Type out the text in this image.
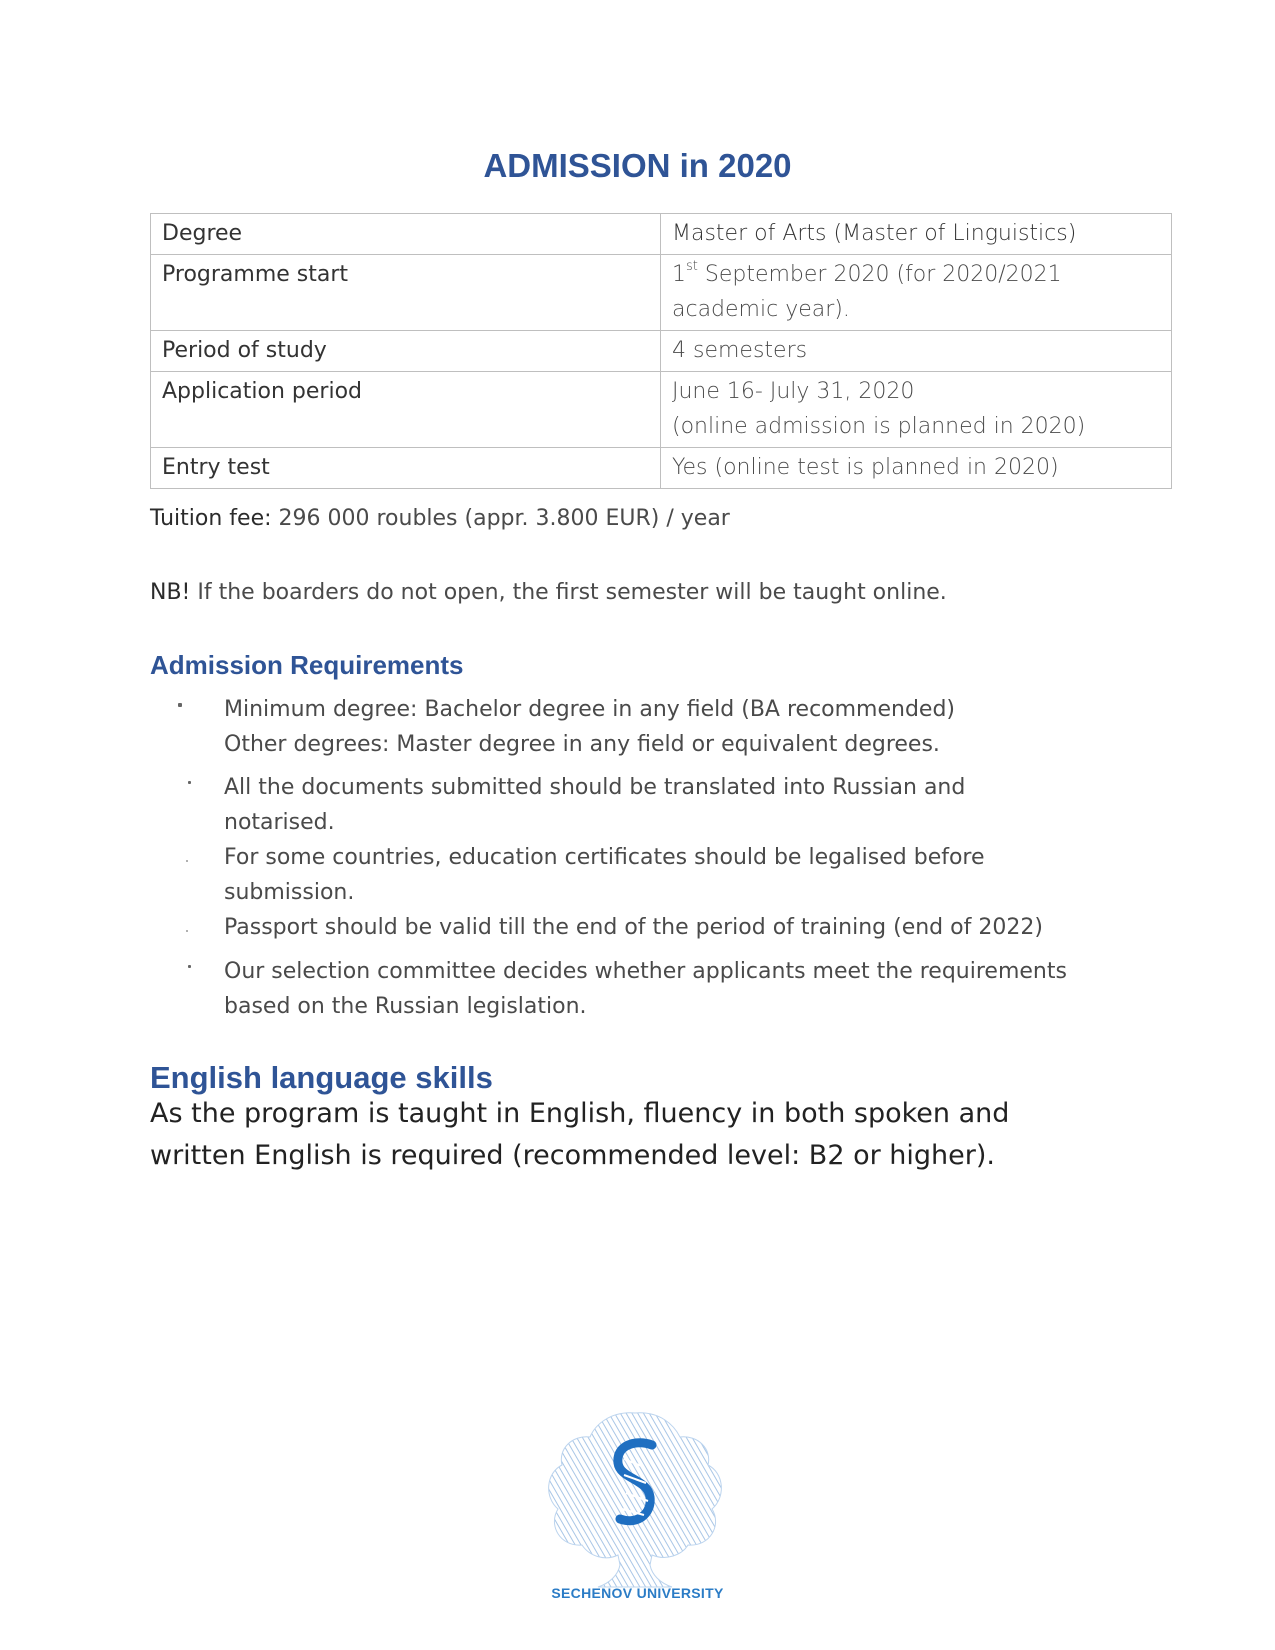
ADMISSION in 2020
Degree	Master of Arts (Master of Linguistics)
Programme start	1st September 2020 (for 2020/2021
academic year).
Period of study	4 semesters
Application period	June 16- July 31, 2020
(online admission is planned in 2020)
Entry test	Yes (online test is planned in 2020)
Tuition fee: 296 000 roubles (appr. 3.800 EUR) / year
NB! If the boarders do not open, the first semester will be taught online.
Admission Requirements
Minimum degree: Bachelor degree in any field (BA recommended)
Other degrees: Master degree in any field or equivalent degrees.
All the documents submitted should be translated into Russian and
notarised.
For some countries, education certificates should be legalised before
submission.
Passport should be valid till the end of the period of training (end of 2022)
Our selection committee decides whether applicants meet the requirements
based on the Russian legislation.
English language skills

As the program is taught in English, fluency in both spoken and written English is required (recommended level: B2 or higher).

SECHENOV UNIVERSITY
